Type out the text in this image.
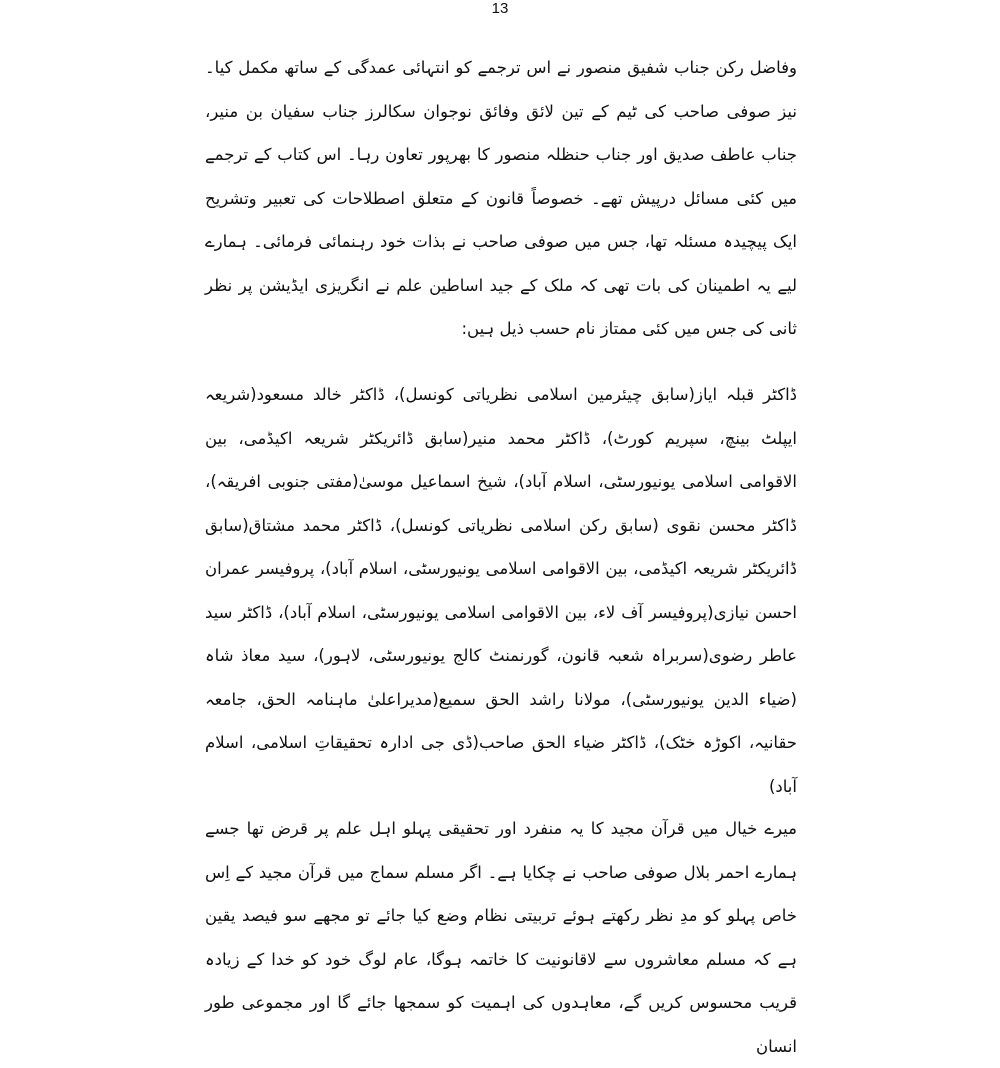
13

وفاضل رکن جناب شفیق منصور نے اس ترجمے کو انتہائی عمدگی کے ساتھ مکمل کیا۔ نیز صوفی صاحب کی ٹیم کے تین لائق وفائق نوجوان سکالرز جناب سفیان بن منیر، جناب عاطف صدیق اور جناب حنظلہ منصور کا بھرپور تعاون رہا۔ اس کتاب کے ترجمے میں کئی مسائل درپیش تھے۔ خصوصاً قانون کے متعلق اصطلاحات کی تعبیر وتشریح ایک پیچیدہ مسئلہ تھا، جس میں صوفی صاحب نے بذات خود رہنمائی فرمائی۔ ہمارے لیے یہ اطمینان کی بات تھی کہ ملک کے جید اساطین علم نے انگریزی ایڈیشن پر نظر ثانی کی جس میں کئی ممتاز نام حسب ذیل ہیں:

ڈاکٹر قبلہ ایاز(سابق چیئرمین اسلامی نظریاتی کونسل)، ڈاکٹر خالد مسعود(شریعہ ایپلٹ بینچ، سپریم کورٹ)، ڈاکٹر محمد منیر(سابق ڈائریکٹر شریعہ اکیڈمی، بین الاقوامی اسلامی یونیورسٹی، اسلام آباد)، شیخ اسماعیل موسیٰ(مفتی جنوبی افریقہ)، ڈاکٹر محسن نقوی (سابق رکن اسلامی نظریاتی کونسل)، ڈاکٹر محمد مشتاق(سابق ڈائریکٹر شریعہ اکیڈمی، بین الاقوامی اسلامی یونیورسٹی، اسلام آباد)، پروفیسر عمران احسن نیازی(پروفیسر آف لاء، بین الاقوامی اسلامی یونیورسٹی، اسلام آباد)، ڈاکٹر سید عاطر رضوی(سربراہ شعبہ قانون، گورنمنٹ کالج یونیورسٹی، لاہور)، سید معاذ شاہ (ضیاء الدین یونیورسٹی)، مولانا راشد الحق سمیع(مدیراعلیٰ ماہنامہ الحق، جامعہ حقانیہ، اکوڑہ خٹک)، ڈاکٹر ضیاء الحق صاحب(ڈی جی ادارہ تحقیقاتِ اسلامی، اسلام آباد)

میرے خیال میں قرآن مجید کا یہ منفرد اور تحقیقی پہلو اہل علم پر قرض تھا جسے ہمارے احمر بلال صوفی صاحب نے چکایا ہے۔ اگر مسلم سماج میں قرآن مجید کے اِس خاص پہلو کو مدِ نظر رکھتے ہوئے تربیتی نظام وضع کیا جائے تو مجھے سو فیصد یقین ہے کہ مسلم معاشروں سے لاقانونیت کا خاتمہ ہوگا، عام لوگ خود کو خدا کے زیادہ قریب محسوس کریں گے، معاہدوں کی اہمیت کو سمجھا جائے گا اور مجموعی طور انسان
